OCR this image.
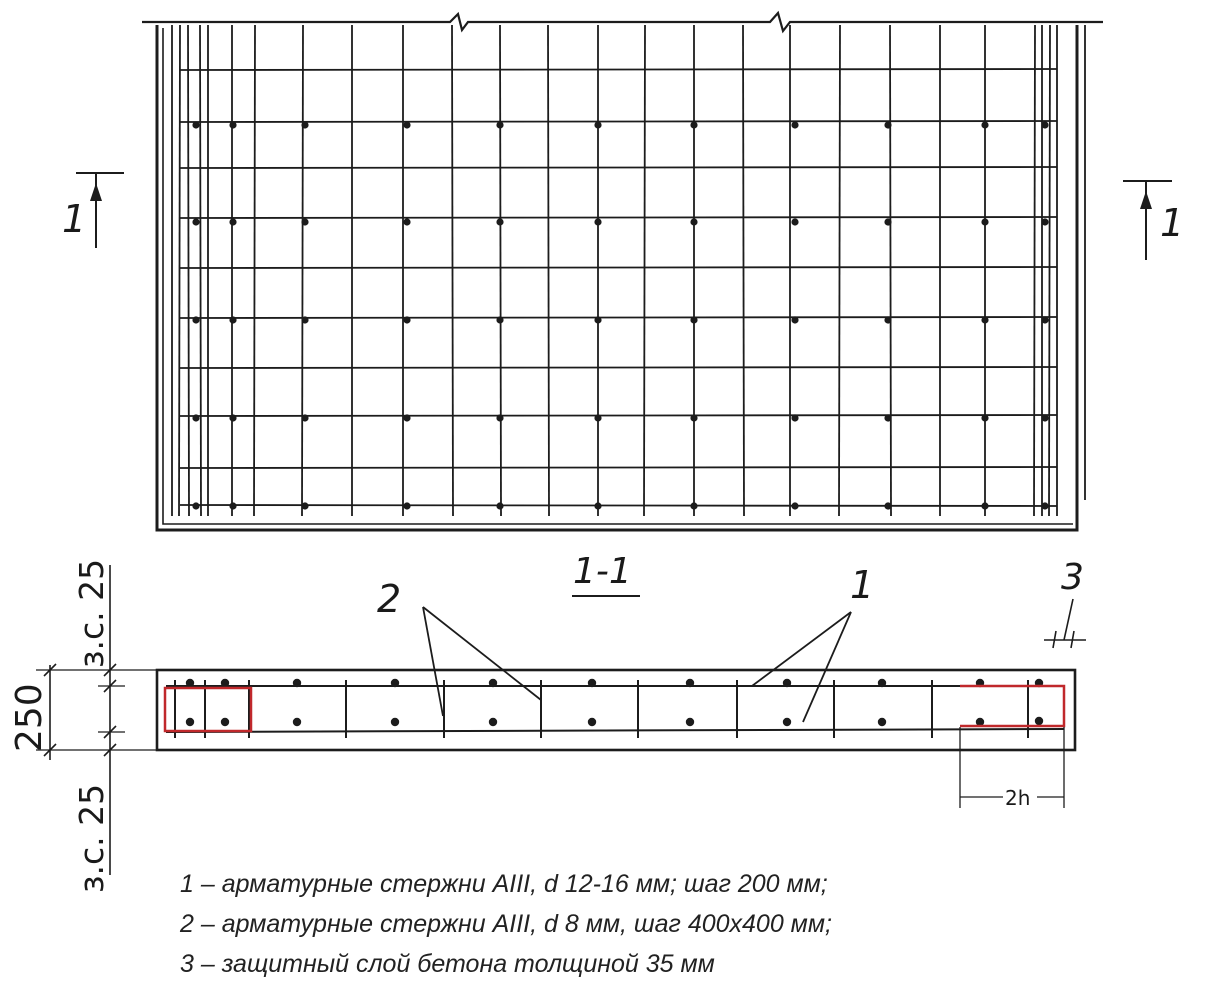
1	1
1-1
2h
2	1	3
250
з.с. 25
з.с. 25	1 – арматурные стержни AIII, d 12-16 мм; шаг 200 мм;
2 – арматурные стержни AIII, d 8 мм, шаг 400x400 мм;
3 – защитный слой бетона толщиной 35 мм
